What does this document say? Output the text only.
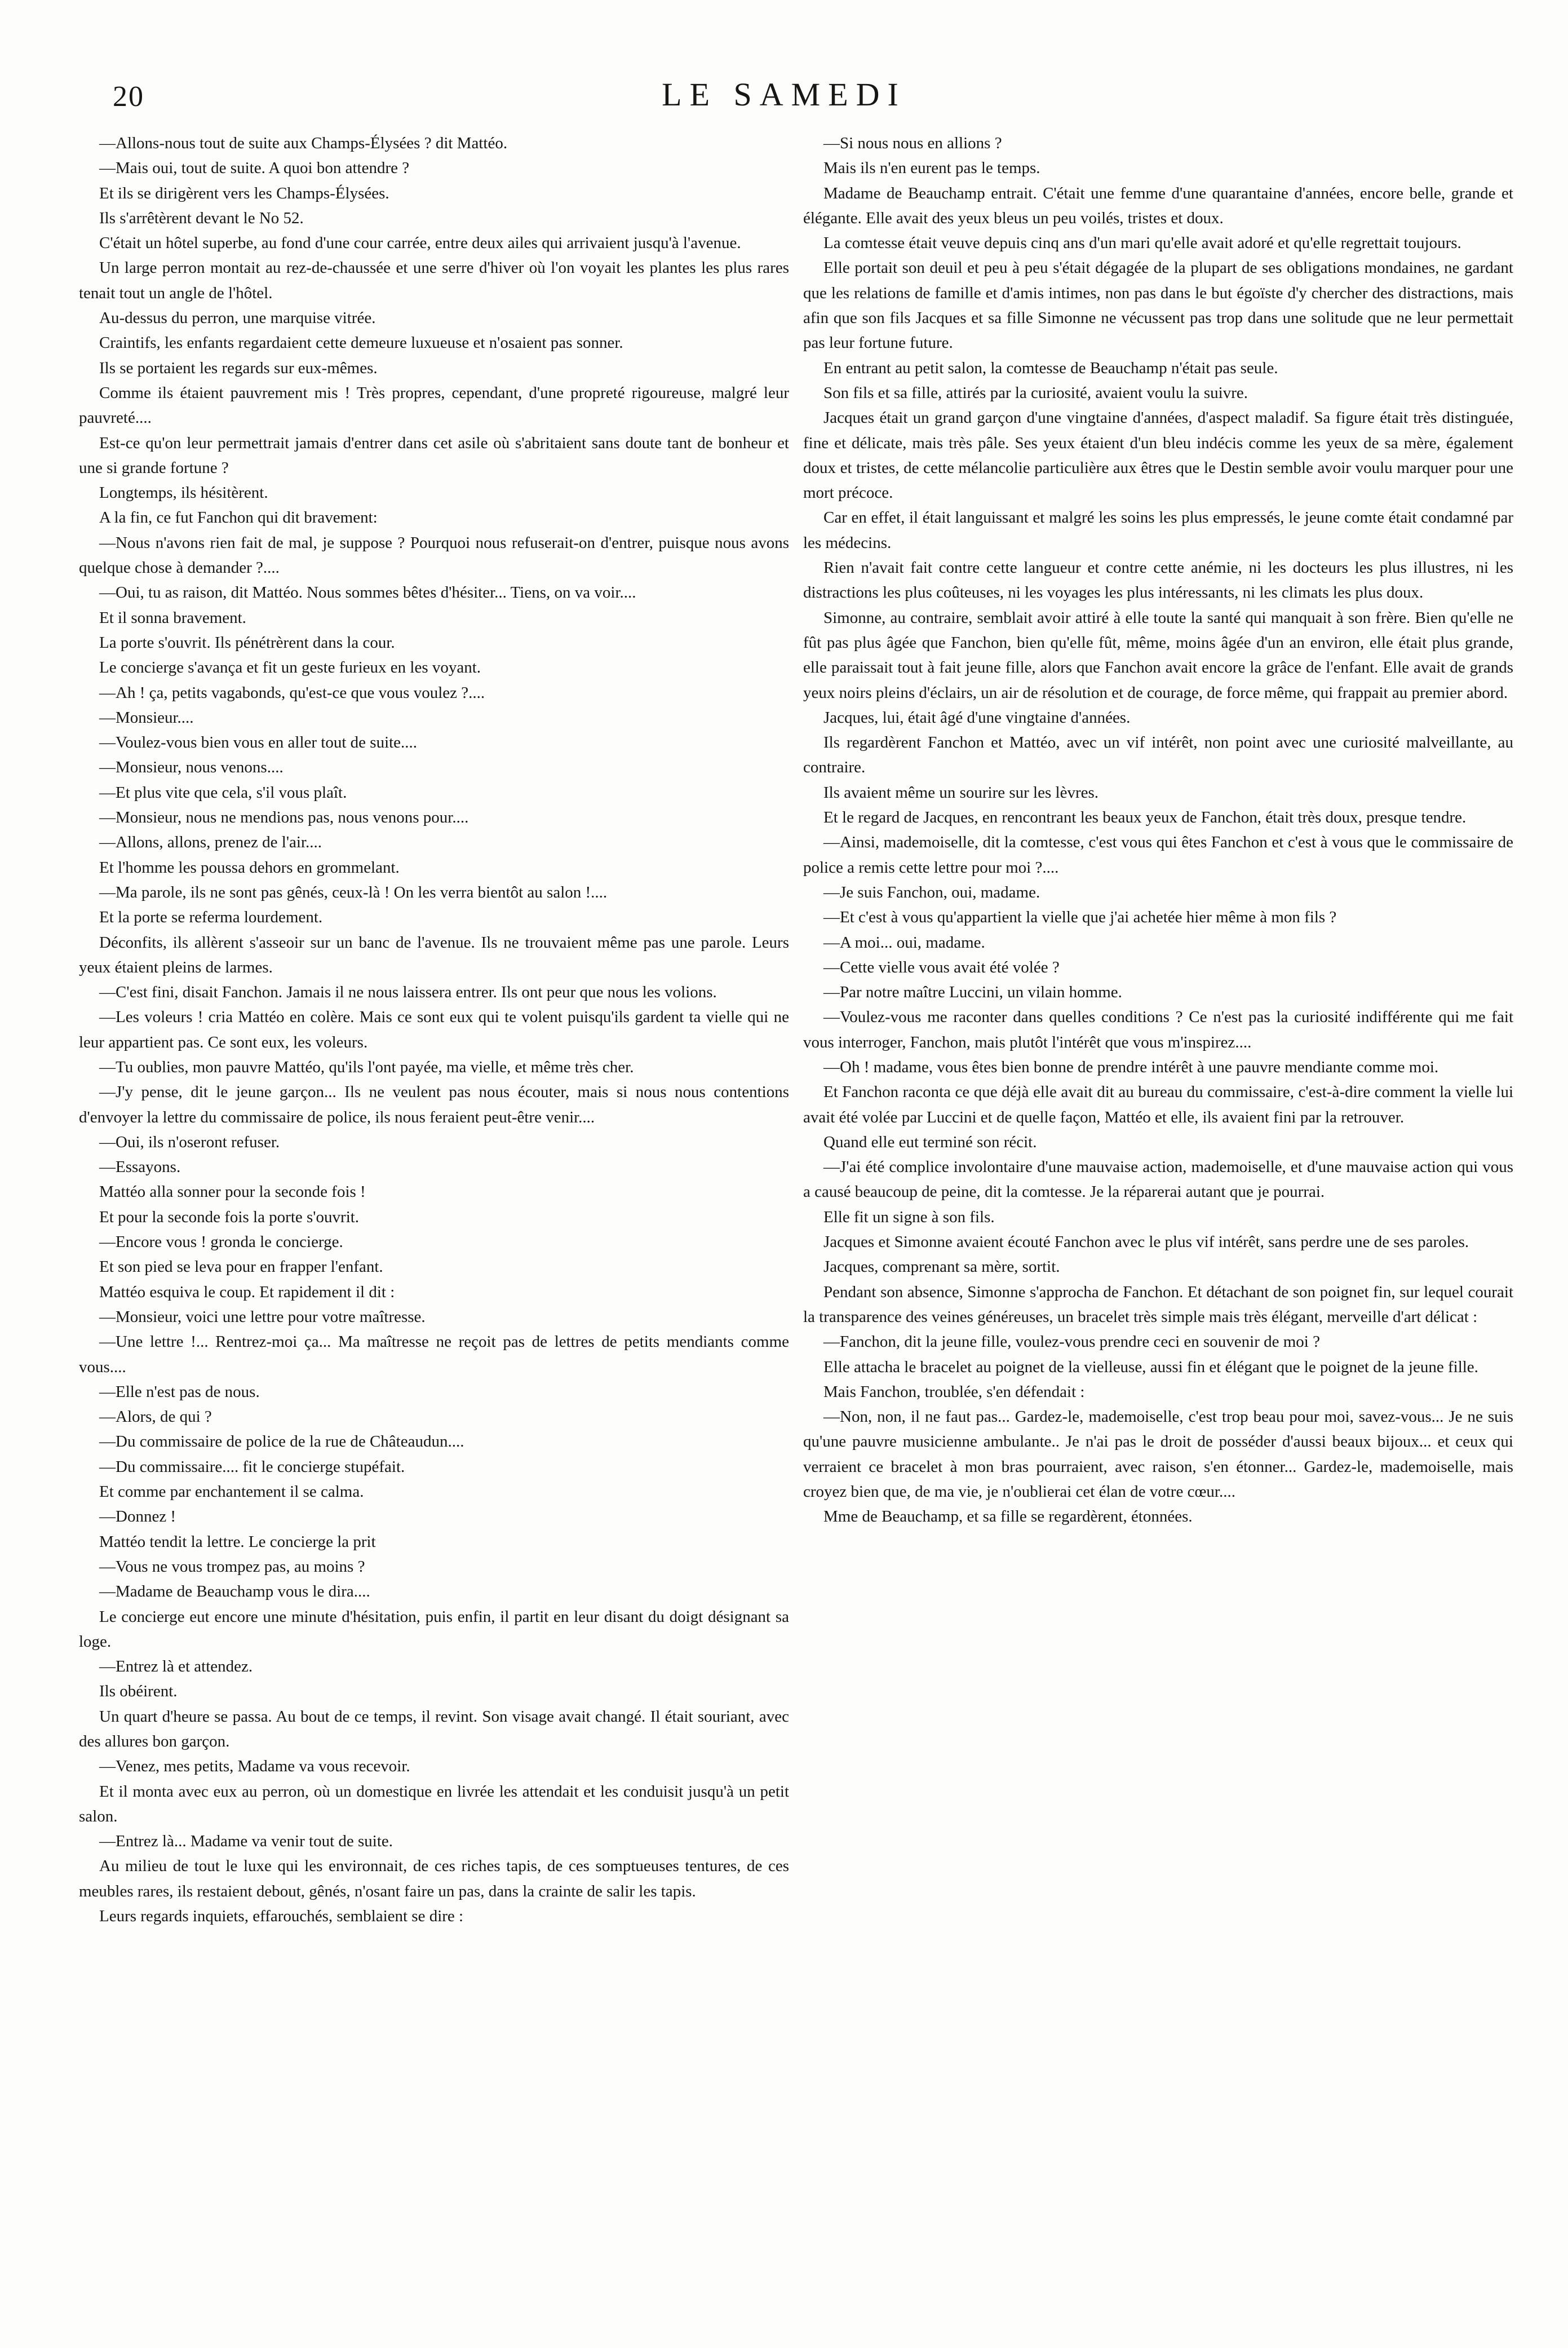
20	LE SAMEDI

—Allons-nous tout de suite aux Champs-Élysées ? dit Mattéo.

—Mais oui, tout de suite. A quoi bon attendre ?

Et ils se dirigèrent vers les Champs-Élysées.

Ils s'arrêtèrent devant le No 52.

C'était un hôtel superbe, au fond d'une cour carrée, entre deux ailes qui arrivaient jusqu'à l'avenue.

Un large perron montait au rez-de-chaussée et une serre d'hiver où l'on voyait les plantes les plus rares tenait tout un angle de l'hôtel.

Au-dessus du perron, une marquise vitrée.

Craintifs, les enfants regardaient cette demeure luxueuse et n'osaient pas sonner.

Ils se portaient les regards sur eux-mêmes.

Comme ils étaient pauvrement mis ! Très propres, cependant, d'une propreté rigoureuse, malgré leur pauvreté....

Est-ce qu'on leur permettrait jamais d'entrer dans cet asile où s'abritaient sans doute tant de bonheur et une si grande fortune ?

Longtemps, ils hésitèrent.

A la fin, ce fut Fanchon qui dit bravement:

—Nous n'avons rien fait de mal, je suppose ? Pourquoi nous refuserait-on d'entrer, puisque nous avons quelque chose à demander ?....

—Oui, tu as raison, dit Mattéo. Nous sommes bêtes d'hésiter... Tiens, on va voir....

Et il sonna bravement.

La porte s'ouvrit. Ils pénétrèrent dans la cour.

Le concierge s'avança et fit un geste furieux en les voyant.

—Ah ! ça, petits vagabonds, qu'est-ce que vous voulez ?....

—Monsieur....

—Voulez-vous bien vous en aller tout de suite....

—Monsieur, nous venons....

—Et plus vite que cela, s'il vous plaît.

—Monsieur, nous ne mendions pas, nous venons pour....

—Allons, allons, prenez de l'air....

Et l'homme les poussa dehors en grommelant.

—Ma parole, ils ne sont pas gênés, ceux-là ! On les verra bientôt au salon !....

Et la porte se referma lourdement.

Déconfits, ils allèrent s'asseoir sur un banc de l'avenue. Ils ne trouvaient même pas une parole. Leurs yeux étaient pleins de larmes.

—C'est fini, disait Fanchon. Jamais il ne nous laissera entrer. Ils ont peur que nous les volions.

—Les voleurs ! cria Mattéo en colère. Mais ce sont eux qui te volent puisqu'ils gardent ta vielle qui ne leur appartient pas. Ce sont eux, les voleurs.

—Tu oublies, mon pauvre Mattéo, qu'ils l'ont payée, ma vielle, et même très cher.

—J'y pense, dit le jeune garçon... Ils ne veulent pas nous écouter, mais si nous nous contentions d'envoyer la lettre du commissaire de police, ils nous feraient peut-être venir....

—Oui, ils n'oseront refuser.

—Essayons.

Mattéo alla sonner pour la seconde fois !

Et pour la seconde fois la porte s'ouvrit.

—Encore vous ! gronda le concierge.

Et son pied se leva pour en frapper l'enfant.

Mattéo esquiva le coup. Et rapidement il dit :

—Monsieur, voici une lettre pour votre maîtresse.

—Une lettre !... Rentrez-moi ça... Ma maîtresse ne reçoit pas de lettres de petits mendiants comme vous....

—Elle n'est pas de nous.

—Alors, de qui ?

—Du commissaire de police de la rue de Châteaudun....

—Du commissaire.... fit le concierge stupéfait.

Et comme par enchantement il se calma.

—Donnez !

Mattéo tendit la lettre. Le concierge la prit

—Vous ne vous trompez pas, au moins ?

—Madame de Beauchamp vous le dira....

Le concierge eut encore une minute d'hésitation, puis enfin, il partit en leur disant du doigt désignant sa loge.

—Entrez là et attendez.

Ils obéirent.

Un quart d'heure se passa. Au bout de ce temps, il revint. Son visage avait changé. Il était souriant, avec des allures bon garçon.

—Venez, mes petits, Madame va vous recevoir.

Et il monta avec eux au perron, où un domestique en livrée les attendait et les conduisit jusqu'à un petit salon.

—Entrez là... Madame va venir tout de suite.

Au milieu de tout le luxe qui les environnait, de ces riches tapis, de ces somptueuses tentures, de ces meubles rares, ils restaient debout, gênés, n'osant faire un pas, dans la crainte de salir les tapis.

Leurs regards inquiets, effarouchés, semblaient se dire :

—Si nous nous en allions ?

Mais ils n'en eurent pas le temps.

Madame de Beauchamp entrait. C'était une femme d'une quarantaine d'années, encore belle, grande et élégante. Elle avait des yeux bleus un peu voilés, tristes et doux.

La comtesse était veuve depuis cinq ans d'un mari qu'elle avait adoré et qu'elle regrettait toujours.

Elle portait son deuil et peu à peu s'était dégagée de la plupart de ses obligations mondaines, ne gardant que les relations de famille et d'amis intimes, non pas dans le but égoïste d'y chercher des distractions, mais afin que son fils Jacques et sa fille Simonne ne vécussent pas trop dans une solitude que ne leur permettait pas leur fortune future.

En entrant au petit salon, la comtesse de Beauchamp n'était pas seule.

Son fils et sa fille, attirés par la curiosité, avaient voulu la suivre.

Jacques était un grand garçon d'une vingtaine d'années, d'aspect maladif. Sa figure était très distinguée, fine et délicate, mais très pâle. Ses yeux étaient d'un bleu indécis comme les yeux de sa mère, également doux et tristes, de cette mélancolie particulière aux êtres que le Destin semble avoir voulu marquer pour une mort précoce.

Car en effet, il était languissant et malgré les soins les plus empressés, le jeune comte était condamné par les médecins.

Rien n'avait fait contre cette langueur et contre cette anémie, ni les docteurs les plus illustres, ni les distractions les plus coûteuses, ni les voyages les plus intéressants, ni les climats les plus doux.

Simonne, au contraire, semblait avoir attiré à elle toute la santé qui manquait à son frère. Bien qu'elle ne fût pas plus âgée que Fanchon, bien qu'elle fût, même, moins âgée d'un an environ, elle était plus grande, elle paraissait tout à fait jeune fille, alors que Fanchon avait encore la grâce de l'enfant. Elle avait de grands yeux noirs pleins d'éclairs, un air de résolution et de courage, de force même, qui frappait au premier abord.

Jacques, lui, était âgé d'une vingtaine d'années.

Ils regardèrent Fanchon et Mattéo, avec un vif intérêt, non point avec une curiosité malveillante, au contraire.

Ils avaient même un sourire sur les lèvres.

Et le regard de Jacques, en rencontrant les beaux yeux de Fanchon, était très doux, presque tendre.

—Ainsi, mademoiselle, dit la comtesse, c'est vous qui êtes Fanchon et c'est à vous que le commissaire de police a remis cette lettre pour moi ?....

—Je suis Fanchon, oui, madame.

—Et c'est à vous qu'appartient la vielle que j'ai achetée hier même à mon fils ?

—A moi... oui, madame.

—Cette vielle vous avait été volée ?

—Par notre maître Luccini, un vilain homme.

—Voulez-vous me raconter dans quelles conditions ? Ce n'est pas la curiosité indifférente qui me fait vous interroger, Fanchon, mais plutôt l'intérêt que vous m'inspirez....

—Oh ! madame, vous êtes bien bonne de prendre intérêt à une pauvre mendiante comme moi.

Et Fanchon raconta ce que déjà elle avait dit au bureau du commissaire, c'est-à-dire comment la vielle lui avait été volée par Luccini et de quelle façon, Mattéo et elle, ils avaient fini par la retrouver.

Quand elle eut terminé son récit.

—J'ai été complice involontaire d'une mauvaise action, mademoiselle, et d'une mauvaise action qui vous a causé beaucoup de peine, dit la comtesse. Je la réparerai autant que je pourrai.

Elle fit un signe à son fils.

Jacques et Simonne avaient écouté Fanchon avec le plus vif intérêt, sans perdre une de ses paroles.

Jacques, comprenant sa mère, sortit.

Pendant son absence, Simonne s'approcha de Fanchon. Et détachant de son poignet fin, sur lequel courait la transparence des veines généreuses, un bracelet très simple mais très élégant, merveille d'art délicat :

—Fanchon, dit la jeune fille, voulez-vous prendre ceci en souvenir de moi ?

Elle attacha le bracelet au poignet de la vielleuse, aussi fin et élégant que le poignet de la jeune fille.

Mais Fanchon, troublée, s'en défendait :

—Non, non, il ne faut pas... Gardez-le, mademoiselle, c'est trop beau pour moi, savez-vous... Je ne suis qu'une pauvre musicienne ambulante.. Je n'ai pas le droit de posséder d'aussi beaux bijoux... et ceux qui verraient ce bracelet à mon bras pourraient, avec raison, s'en étonner... Gardez-le, mademoiselle, mais croyez bien que, de ma vie, je n'oublierai cet élan de votre cœur....

Mme de Beauchamp, et sa fille se regardèrent, étonnées.
